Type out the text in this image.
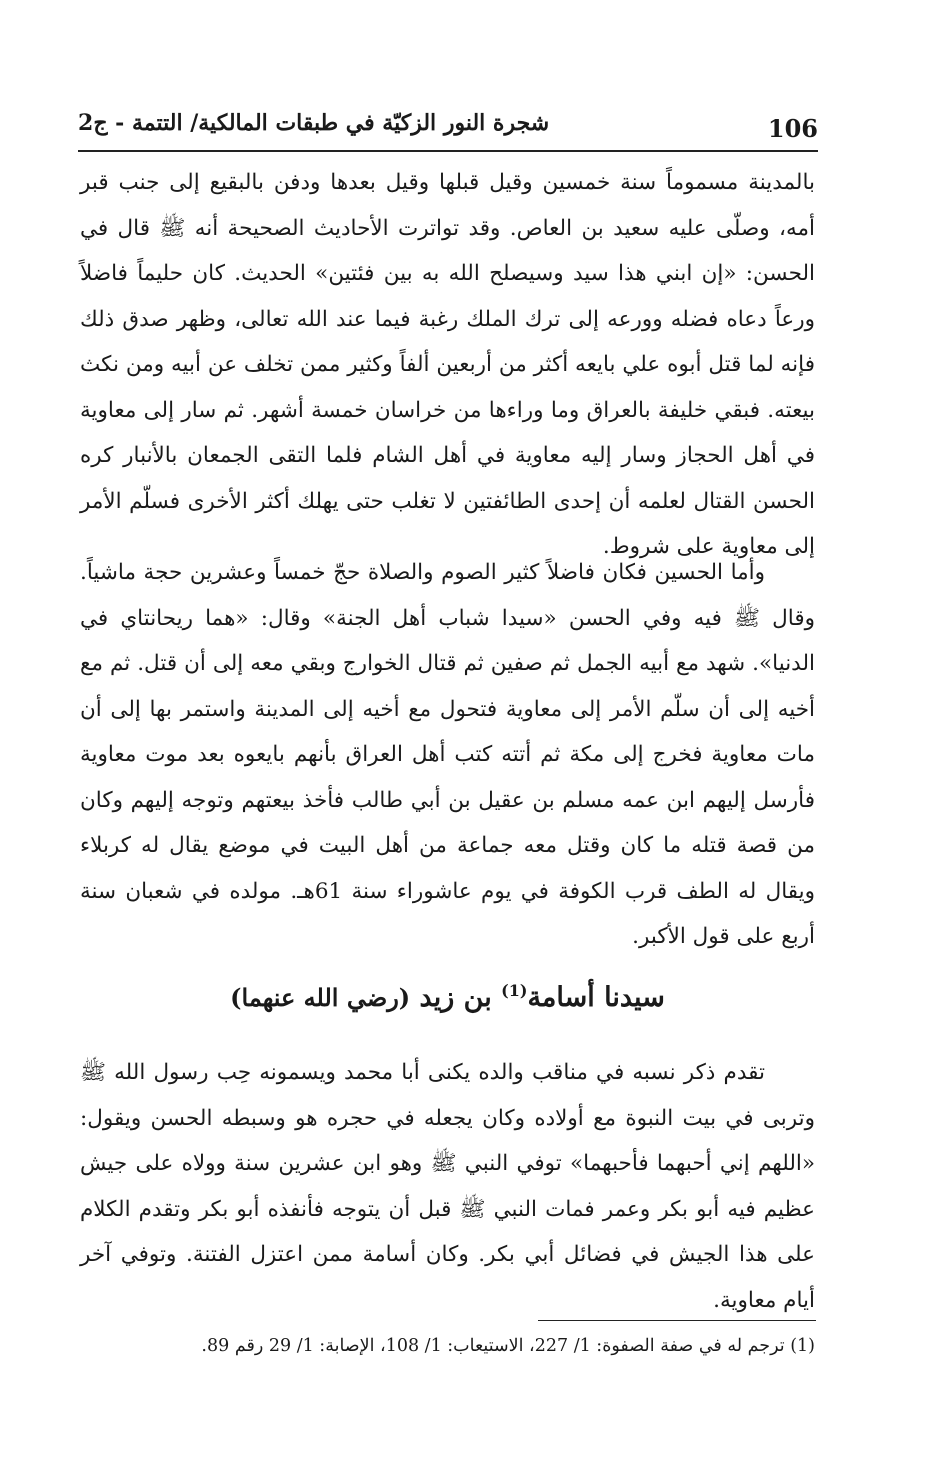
106
شجرة النور الزكيّة في طبقات المالكية/ التتمة - ج2

بالمدينة مسموماً سنة خمسين وقيل قبلها وقيل بعدها ودفن بالبقيع إلى جنب قبر أمه، وصلّى عليه سعيد بن العاص. وقد تواترت الأحاديث الصحيحة أنه ﷺ قال في الحسن: «إن ابني هذا سيد وسيصلح الله به بين فئتين» الحديث. كان حليماً فاضلاً ورعاً دعاه فضله وورعه إلى ترك الملك رغبة فيما عند الله تعالى، وظهر صدق ذلك فإنه لما قتل أبوه علي بايعه أكثر من أربعين ألفاً وكثير ممن تخلف عن أبيه ومن نكث بيعته. فبقي خليفة بالعراق وما وراءها من خراسان خمسة أشهر. ثم سار إلى معاوية في أهل الحجاز وسار إليه معاوية في أهل الشام فلما التقى الجمعان بالأنبار كره الحسن القتال لعلمه أن إحدى الطائفتين لا تغلب حتى يهلك أكثر الأخرى فسلّم الأمر إلى معاوية على شروط.

وأما الحسين فكان فاضلاً كثير الصوم والصلاة حجّ خمساً وعشرين حجة ماشياً. وقال ﷺ فيه وفي الحسن «سيدا شباب أهل الجنة» وقال: «هما ريحانتاي في الدنيا». شهد مع أبيه الجمل ثم صفين ثم قتال الخوارج وبقي معه إلى أن قتل. ثم مع أخيه إلى أن سلّم الأمر إلى معاوية فتحول مع أخيه إلى المدينة واستمر بها إلى أن مات معاوية فخرج إلى مكة ثم أتته كتب أهل العراق بأنهم بايعوه بعد موت معاوية فأرسل إليهم ابن عمه مسلم بن عقيل بن أبي طالب فأخذ بيعتهم وتوجه إليهم وكان من قصة قتله ما كان وقتل معه جماعة من أهل البيت في موضع يقال له كربلاء ويقال له الطف قرب الكوفة في يوم عاشوراء سنة 61هـ. مولده في شعبان سنة أربع على قول الأكبر.

سيدنا أسامة$^{(1)}$ بن زيد (رضي الله عنهما)

تقدم ذكر نسبه في مناقب والده يكنى أبا محمد ويسمونه حِب رسول الله ﷺ وتربى في بيت النبوة مع أولاده وكان يجعله في حجره هو وسبطه الحسن ويقول: «اللهم إني أحبهما فأحبهما» توفي النبي ﷺ وهو ابن عشرين سنة وولاه على جيش عظيم فيه أبو بكر وعمر فمات النبي ﷺ قبل أن يتوجه فأنفذه أبو بكر وتقدم الكلام على هذا الجيش في فضائل أبي بكر. وكان أسامة ممن اعتزل الفتنة. وتوفي آخر أيام معاوية.

(1) ترجم له في صفة الصفوة: 1/ 227، الاستيعاب: 1/ 108، الإصابة: 1/ 29 رقم 89.
